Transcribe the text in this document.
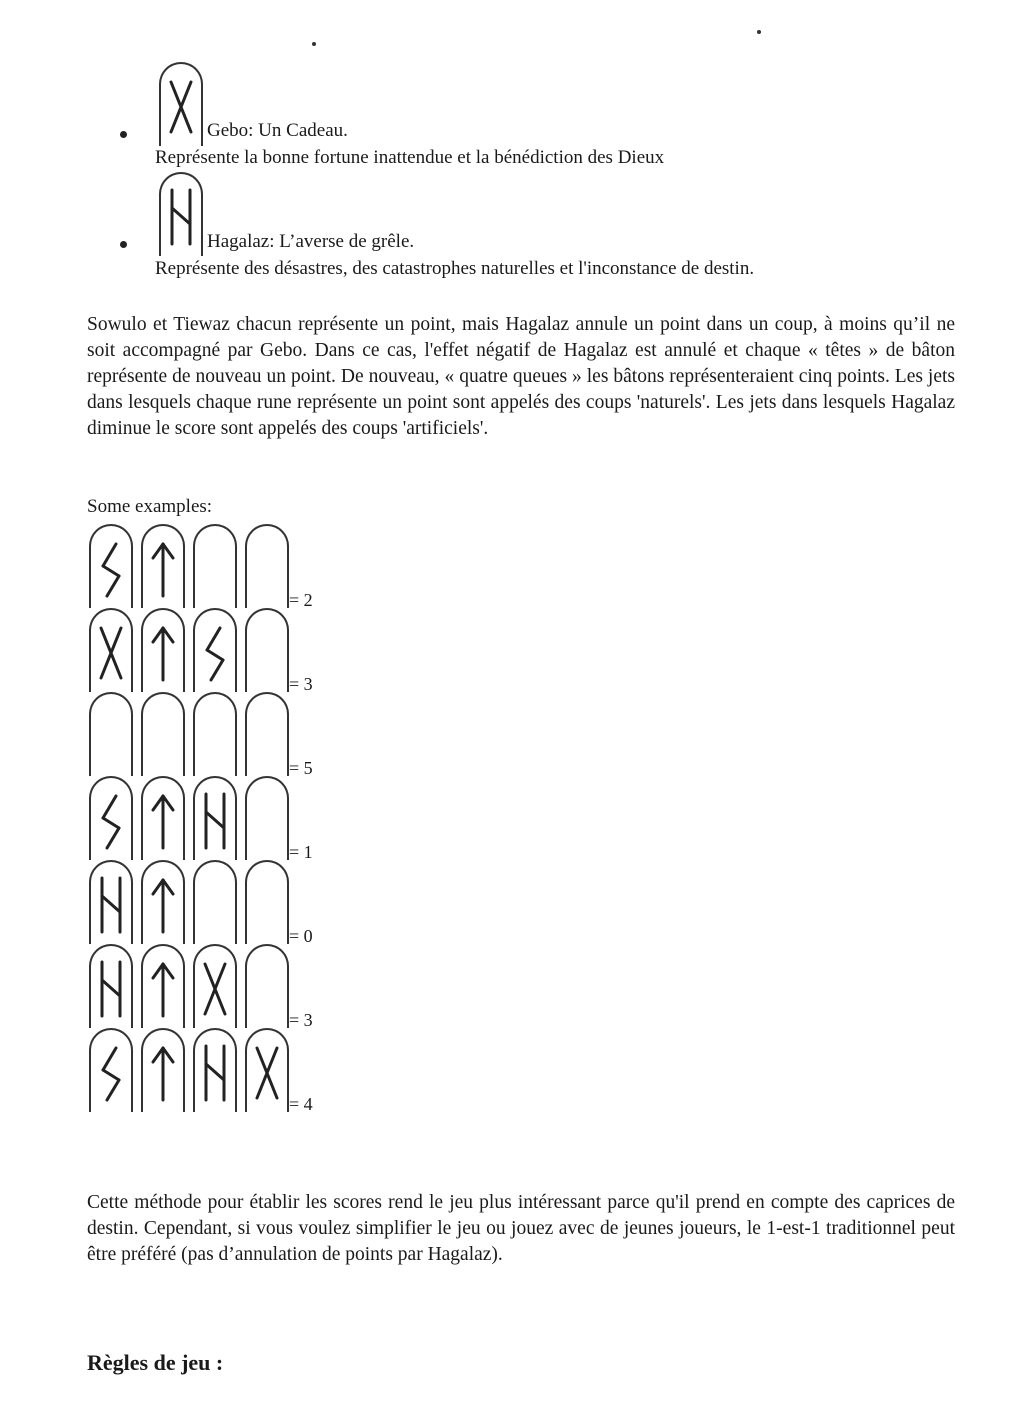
Gebo: Un Cadeau.
Représente la bonne fortune inattendue et la bénédiction des Dieux
Hagalaz: L’averse de grêle.
Représente des désastres, des catastrophes naturelles et l'inconstance de destin.

Sowulo et Tiewaz chacun représente un point, mais Hagalaz annule un point dans un coup, à moins qu’il ne soit accompagné par Gebo. Dans ce cas, l'effet négatif de Hagalaz est annulé et chaque « têtes » de bâton représente de nouveau un point. De nouveau, « quatre queues » les bâtons représenteraient cinq points. Les jets dans lesquels chaque rune représente un point sont appelés des coups 'naturels'. Les jets dans lesquels Hagalaz diminue le score sont appelés des coups 'artificiels'.

Some examples:
= 2
= 3
= 5
= 1
= 0
= 3
= 4

Cette méthode pour établir les scores rend le jeu plus intéressant parce qu'il prend en compte des caprices de destin. Cependant, si vous voulez simplifier le jeu ou jouez avec de jeunes joueurs, le 1-est-1 traditionnel peut être préféré (pas d’annulation de points par Hagalaz).

Règles de jeu :
